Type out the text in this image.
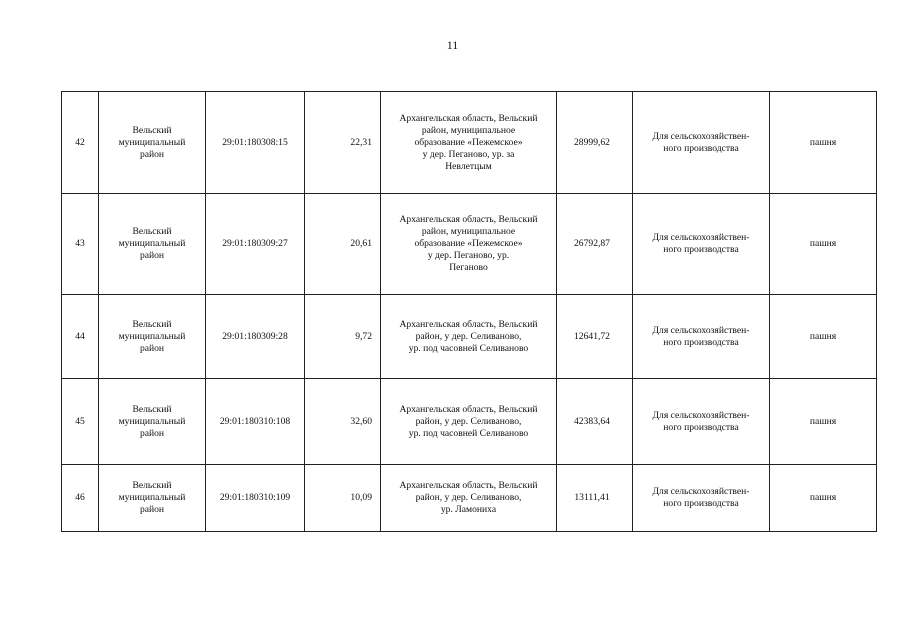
11
42	Вельский
муниципальный
район	29:01:180308:15	22,31	Архангельская область, Вельский
район, муниципальное
образование «Пежемское»
у дер. Пеганово, ур. за
Невлетцым	28999,62	Для сельскохозяйствен-
ного производства	пашня
43	Вельский
муниципальный
район	29:01:180309:27	20,61	Архангельская область, Вельский
район, муниципальное
образование «Пежемское»
у дер. Пеганово, ур.
Пеганово	26792,87	Для сельскохозяйствен-
ного производства	пашня
44	Вельский
муниципальный
район	29:01:180309:28	9,72	Архангельская область, Вельский
район, у дер. Селиваново,
ур. под часовней Селиваново	12641,72	Для сельскохозяйствен-
ного производства	пашня
45	Вельский
муниципальный
район	29:01:180310:108	32,60	Архангельская область, Вельский
район, у дер. Селиваново,
ур. под часовней Селиваново	42383,64	Для сельскохозяйствен-
ного производства	пашня
46	Вельский
муниципальный
район	29:01:180310:109	10,09	Архангельская область, Вельский
район, у дер. Селиваново,
ур. Ламониха	13111,41	Для сельскохозяйствен-
ного производства	пашня
